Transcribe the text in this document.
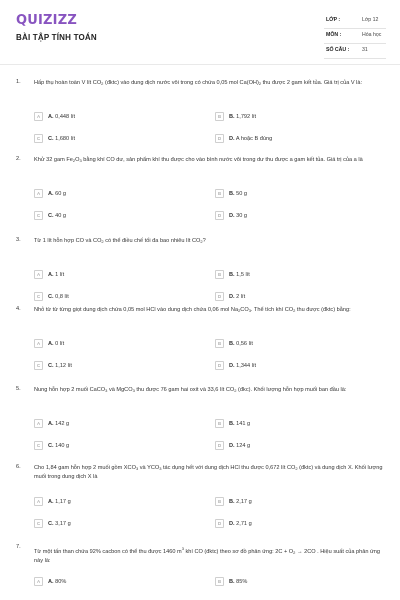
QUIZIZZ
BÀI TẬP TÍNH TOÁN
LỚP :	Lớp 12
MÔN :	Hóa học
SỐ CÂU : 31
1. Hấp thụ hoàn toàn V lít $CO_2$ (đktc) vào dung dịch nước vôi trong có chứa 0,05 mol $Ca(OH)_2$ thu được 2 gam kết tủa. Giá trị của V là:
A	A. 0,448 lít	B	B. 1,792 lít
C	C. 1,680 lít	D	D. A hoặc B đúng
2. Khử 32 gam $Fe_2O_3$ bằng khí CO dư, sản phẩm khí thu được cho vào bình nước vôi trong dư thu được a gam kết tủa. Giá trị của a là
A	A. 60 g	B	B. 50 g
C	C. 40 g	D	D. 30 g
3. Từ 1 lít hỗn hợp CO và $CO_2$ có thể điều chế tối đa bao nhiêu lít $CO_2$?
A	A. 1 lít	B	B. 1,5 lít
C	C. 0,8 lít	D	D. 2 lít
4. Nhỏ từ từ từng giọt dung dịch chứa 0,05 mol HCl vào dung dịch chứa 0,06 mol $Na_2CO_3$. Thể tích khí $CO_2$ thu được (đktc) bằng:
A	A. 0 lít	B	B. 0,56 lít
C	C. 1,12 lít	D	D. 1,344 lít
5. Nung hỗn hợp 2 muối CaCO$_3$ và MgCO$_3$ thu được 76 gam hai oxit và 33,6 lít $CO_2$ (đkc). Khối lượng hỗn hợp muối ban đầu là:
A	A. 142 g	B	B. 141 g
C	C. 140 g	D	D. 124 g
6. Cho 1,84 gam hỗn hợp 2 muối gồm $XCO_3$ và $YCO_3$ tác dụng hết với dung dịch HCl thu được 0,672 lít $CO_2$ (đktc) và dung dịch X. Khối lượng muối trong dung dịch X là
A	A. 1,17 g	B	B. 2,17 g
C	C. 3,17 g	D	D. 2,71 g
7.
Từ một tấn than chứa 92% cacbon có thể thu được 1460 $m^3$ khí CO (đktc) theo sơ đồ phản ứng: $2C + O_2 \to 2CO$ . Hiệu suất của phản ứng này là:
A	A. 80%	B	B. 85%
